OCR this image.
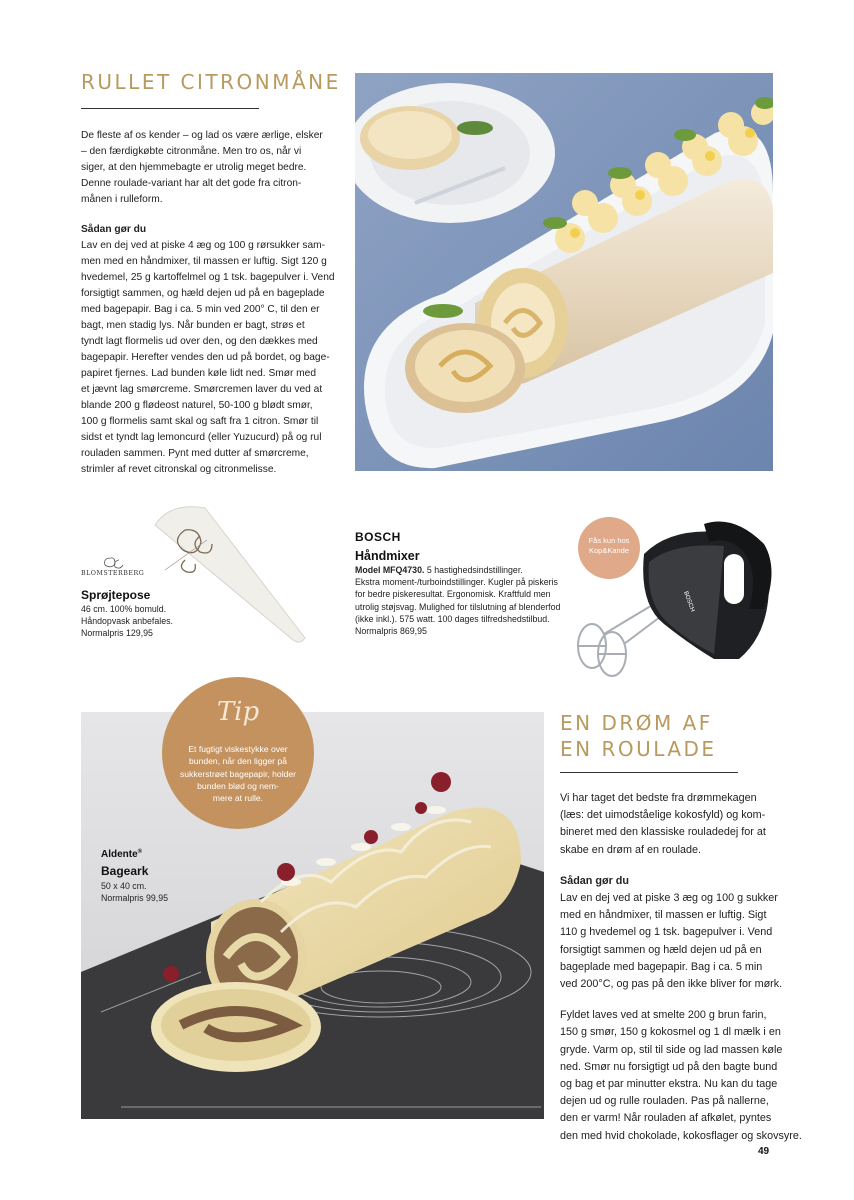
RULLET CITRONMÅNE

De fleste af os kender – og lad os være ærlige, elsker

– den færdigkøbte citronmåne. Men tro os, når vi

siger, at den hjemmebagte er utrolig meget bedre.

Denne roulade-variant har alt det gode fra citron-

månen i rulleform.

Sådan gør du

Lav en dej ved at piske 4 æg og 100 g rørsukker sam-

men med en håndmixer, til massen er luftig. Sigt 120 g

hvedemel, 25 g kartoffelmel og 1 tsk. bagepulver i. Vend

forsigtigt sammen, og hæld dejen ud på en bageplade

med bagepapir. Bag i ca. 5 min ved 200° C, til den er

bagt, men stadig lys. Når bunden er bagt, strøs et

tyndt lagt flormelis ud over den, og den dækkes med

bagepapir. Herefter vendes den ud på bordet, og bage-

papiret fjernes. Lad bunden køle lidt ned. Smør med

et jævnt lag smørcreme. Smørcremen laver du ved at

blande 200 g flødeost naturel, 50-100 g blødt smør,

100 g flormelis samt skal og saft fra 1 citron. Smør til

sidst et tyndt lag lemoncurd (eller Yuzucurd) på og rul

rouladen sammen. Pynt med dutter af smørcreme,

strimler af revet citronskal og citronmelisse.

BLOMSTERBERG
Sprøjtepose
46 cm. 100% bomuld.
Håndopvask anbefales.
Normalpris 129,95
BOSCH
Håndmixer
Model MFQ4730. 5 hastighedsindstillinger.
Ekstra moment-/turboindstillinger. Kugler på piskeris
for bedre piskeresultat. Ergonomisk. Kraftfuld men
utrolig støjsvag. Mulighed for tilslutning af blenderfod
(ikke inkl.). 575 watt. 100 dages tilfredshedstilbud.
Normalpris 869,95
Fås kun hos
Kop&Kande
BOSCH
Aldente®
Bageark
50 x 40 cm.
Normalpris 99,95
Tip
Et fugtigt viskestykke over
bunden, når den ligger på
sukkerstrøet bagepapir, holder
bunden blød og nem-
mere at rulle.
EN DRØM AF
EN ROULADE

Vi har taget det bedste fra drømmekagen

(læs: det uimodståelige kokosfyld) og kom-

bineret med den klassiske rouladedej for at

skabe en drøm af en roulade.

Sådan gør du

Lav en dej ved at piske 3 æg og 100 g sukker

med en håndmixer, til massen er luftig. Sigt

110 g hvedemel og 1 tsk. bagepulver i. Vend

forsigtigt sammen og hæld dejen ud på en

bageplade med bagepapir. Bag i ca. 5 min

ved 200°C, og pas på den ikke bliver for mørk.

Fyldet laves ved at smelte 200 g brun farin,

150 g smør, 150 g kokosmel og 1 dl mælk i en

gryde. Varm op, stil til side og lad massen køle

ned. Smør nu forsigtigt ud på den bagte bund

og bag et par minutter ekstra. Nu kan du tage

dejen ud og rulle rouladen. Pas på nallerne,

den er varm! Når rouladen af afkølet, pyntes

den med hvid chokolade, kokosflager og skovsyre.

49
